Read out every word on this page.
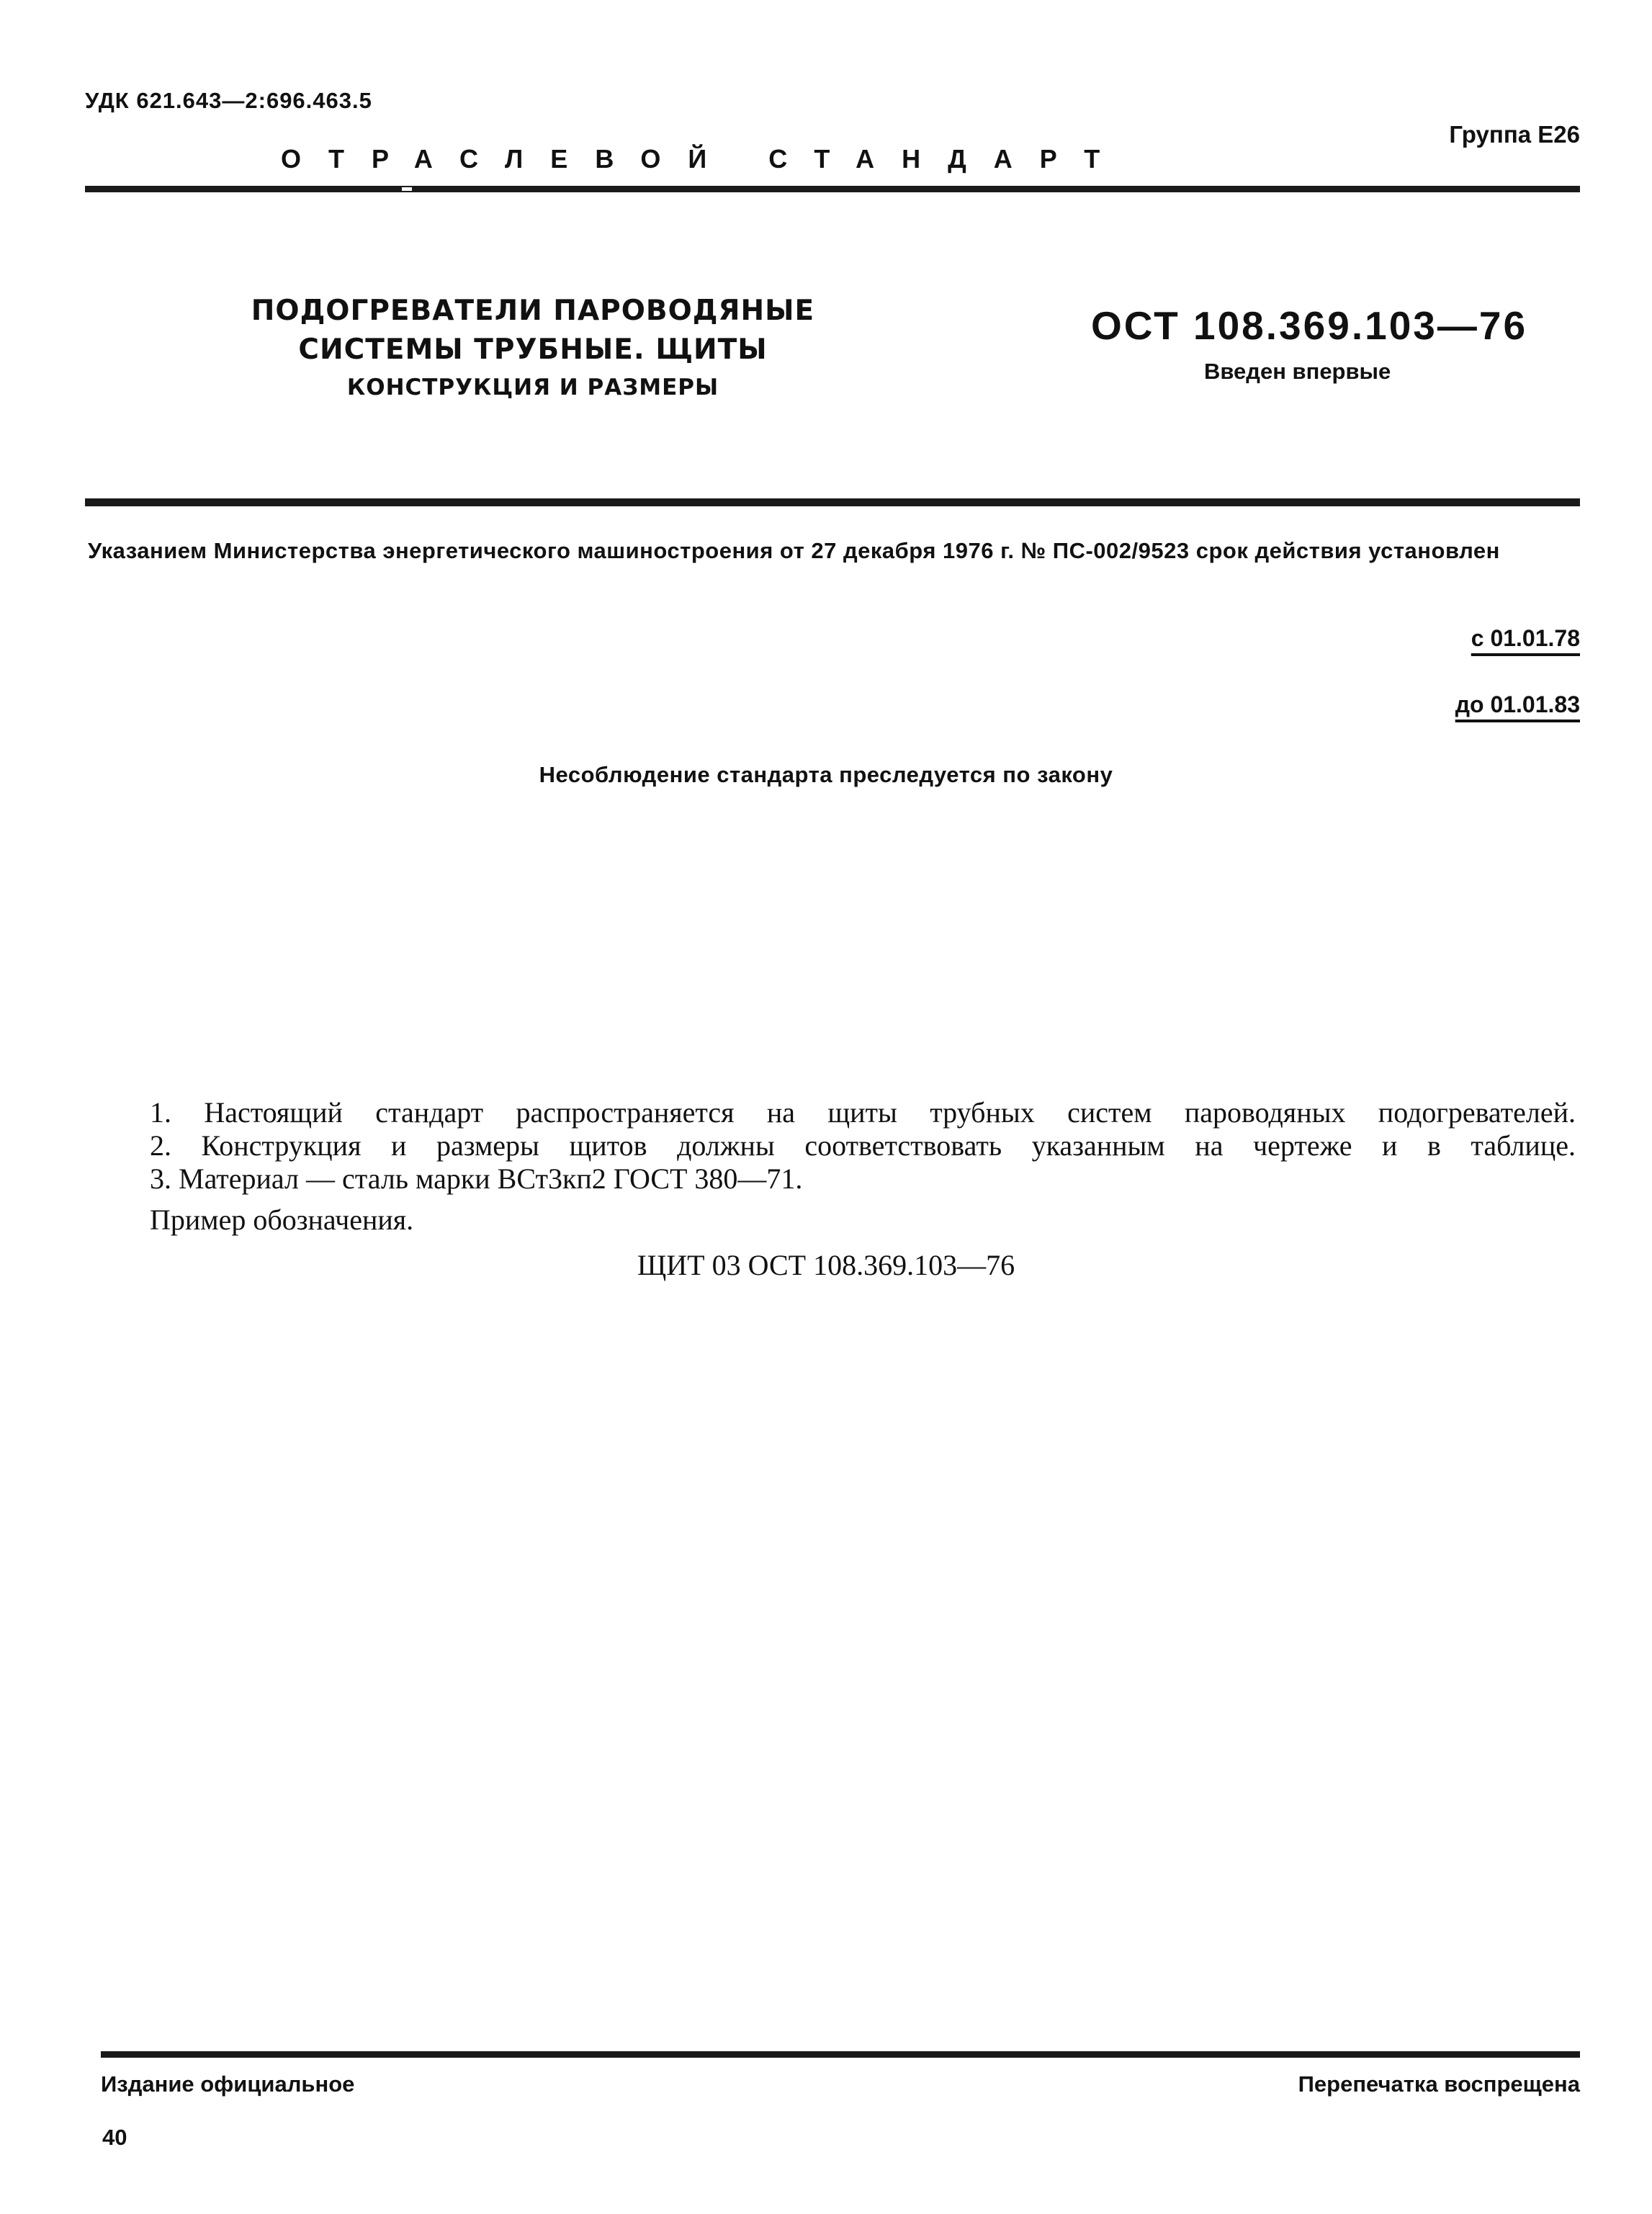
УДК 621.643—2:696.463.5
Группа Е26
ОТРАСЛЕВОЙ СТАНДАРТ
ПОДОГРЕВАТЕЛИ ПАРОВОДЯНЫЕ
СИСТЕМЫ ТРУБНЫЕ. ЩИТЫ
КОНСТРУКЦИЯ И РАЗМЕРЫ
ОСТ 108.369.103—76
Введен впервые
Указанием Министерства энергетического машиностроения от 27 декабря 1976 г. № ПС-002/9523 срок действия установлен
с 01.01.78
до 01.01.83
Несоблюдение стандарта преследуется по закону
1. Настоящий стандарт распространяется на щиты трубных систем пароводяных подогревателей.
2. Конструкция и размеры щитов должны соответствовать указанным на чертеже и в таблице.
3. Материал — сталь марки ВСт3кп2 ГОСТ 380—71.
Пример обозначения.
ЩИТ 03 ОСТ 108.369.103—76
Издание официальное	Перепечатка воспрещена
40
